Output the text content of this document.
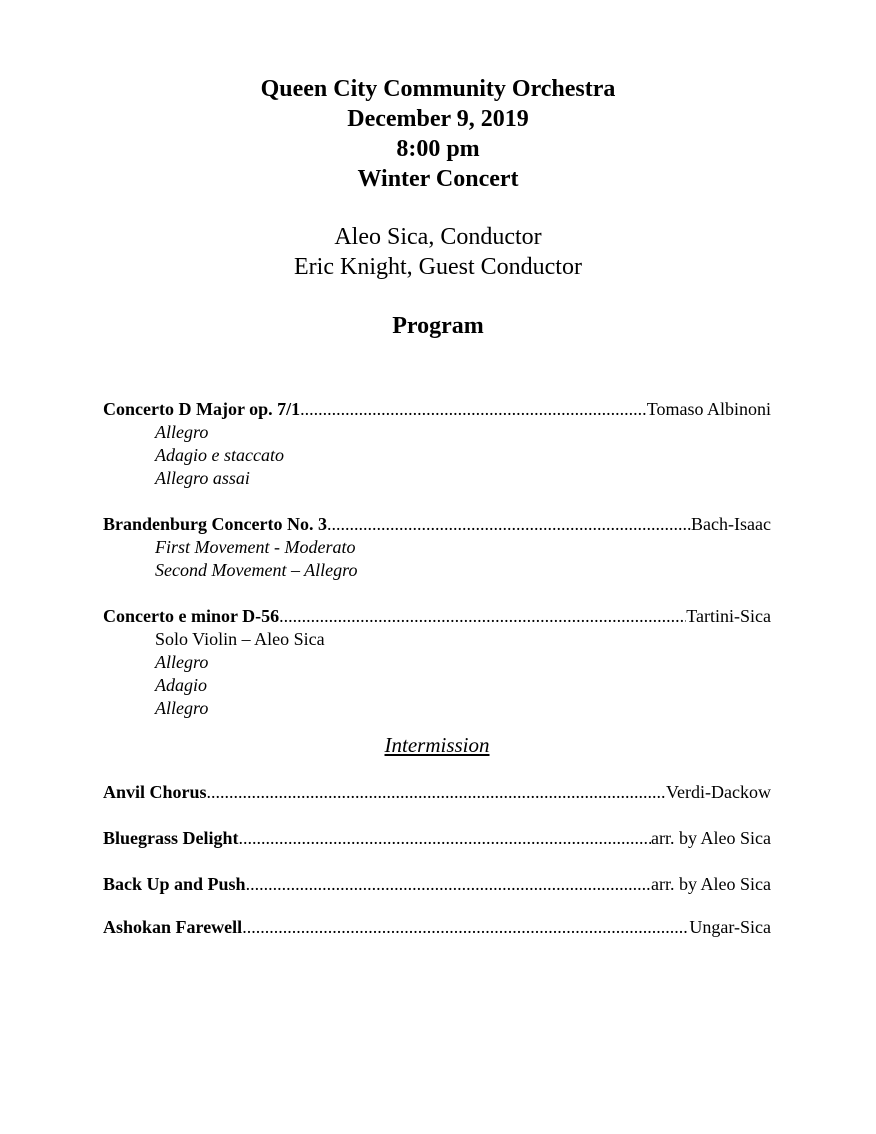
Queen City Community Orchestra
December 9, 2019
8:00 pm
Winter Concert
Aleo Sica, Conductor
Eric Knight, Guest Conductor
Program
Concerto D Major op. 7/1 .....	Tomaso Albinoni
Allegro
Adagio e staccato
Allegro assai
Brandenburg Concerto No. 3 .....	Bach-Isaac
First Movement - Moderato
Second Movement – Allegro
Concerto e minor D-56 .....	Tartini-Sica
Solo Violin – Aleo Sica
Allegro
Adagio
Allegro
Intermission
Anvil Chorus .....	Verdi-Dackow
Bluegrass Delight .....	arr. by Aleo Sica
Back Up and Push .....	arr. by Aleo Sica
Ashokan Farewell .....	Ungar-Sica
